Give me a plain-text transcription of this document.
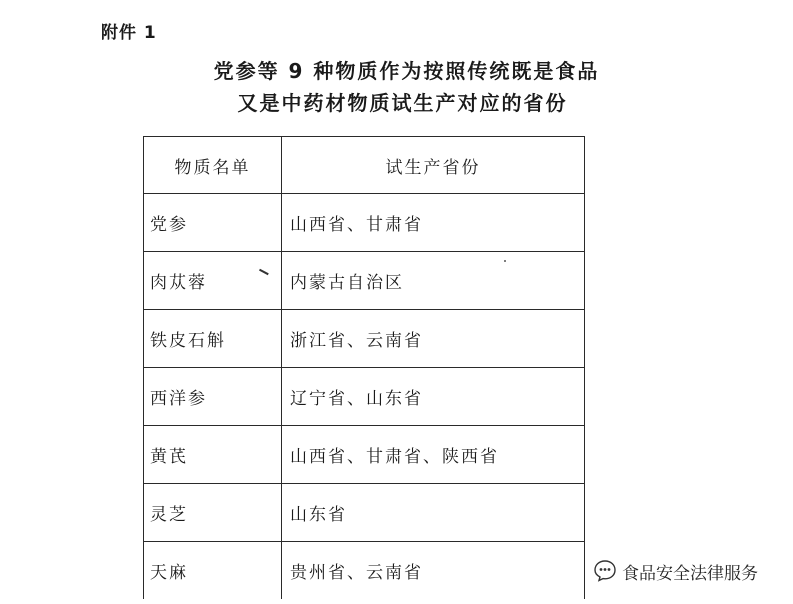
附件 1
党参等 9 种物质作为按照传统既是食品
又是中药材物质试生产对应的省份
物质名单	试生产省份
党参	山西省、甘肃省
肉苁蓉	内蒙古自治区
铁皮石斛	浙江省、云南省
西洋参	辽宁省、山东省
黄芪	山西省、甘肃省、陕西省
灵芝	山东省
天麻	贵州省、云南省	食品安全法律服务
